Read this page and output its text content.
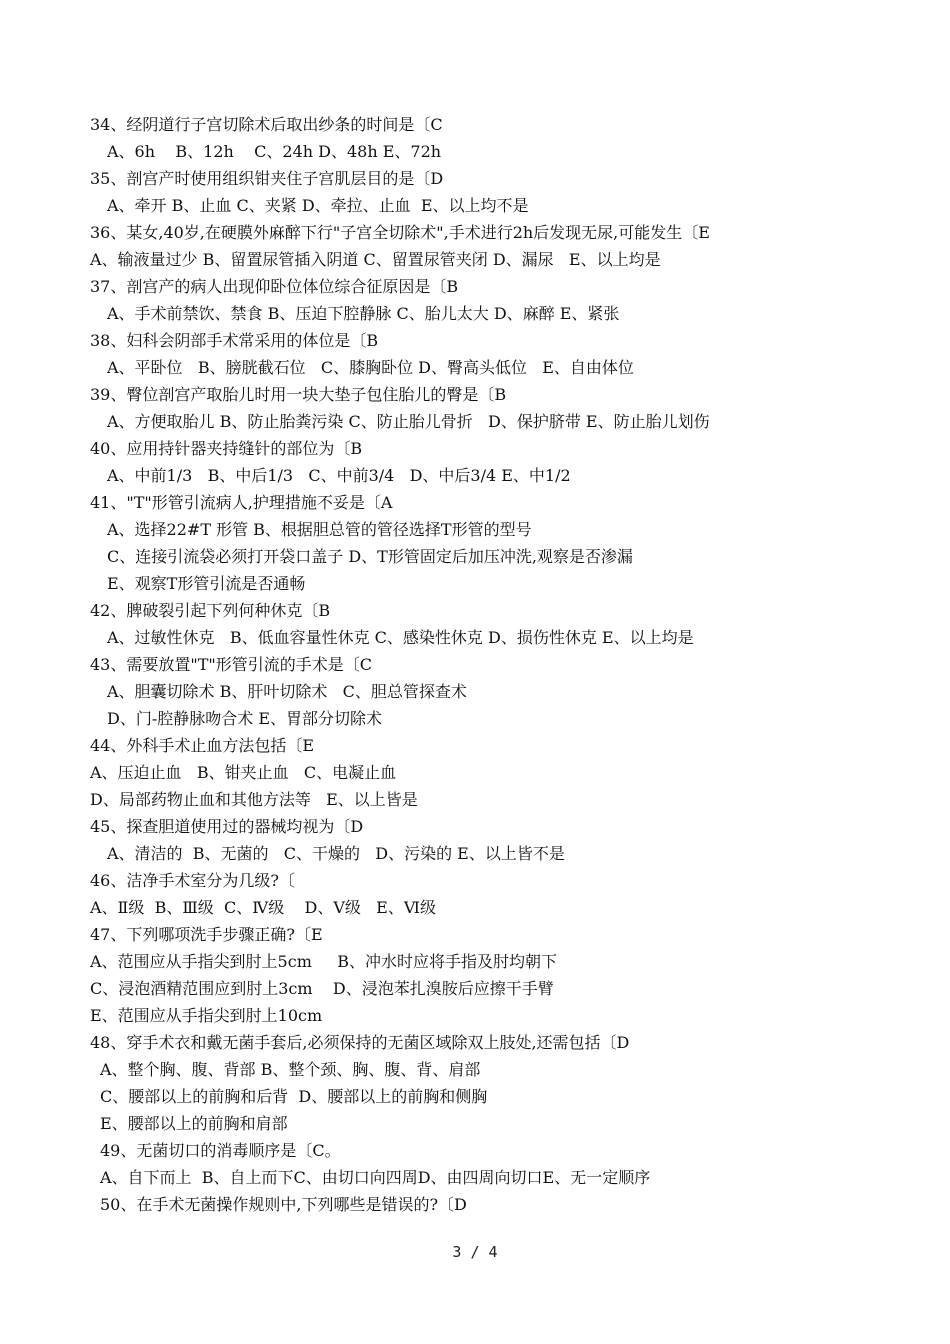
34、经阴道行子宫切除术后取出纱条的时间是〔C
A、6h    B、12h    C、24h D、48h E、72h
35、剖宫产时使用组织钳夹住子宫肌层目的是〔D
A、牵开 B、止血 C、夹紧 D、牵拉、止血  E、以上均不是
36、某女,40岁,在硬膜外麻醉下行"子宫全切除术",手术进行2h后发现无尿,可能发生〔E
A、输液量过少 B、留置尿管插入阴道 C、留置尿管夹闭 D、漏尿   E、以上均是
37、剖宫产的病人出现仰卧位体位综合征原因是〔B
A、手术前禁饮、禁食 B、压迫下腔静脉 C、胎儿太大 D、麻醉 E、紧张
38、妇科会阴部手术常采用的体位是〔B
A、平卧位   B、膀胱截石位   C、膝胸卧位 D、臀高头低位   E、自由体位
39、臀位剖宫产取胎儿时用一块大垫子包住胎儿的臀是〔B
A、方便取胎儿 B、防止胎粪污染 C、防止胎儿骨折   D、保护脐带 E、防止胎儿划伤
40、应用持针器夹持缝针的部位为〔B
A、中前1/3   B、中后1/3   C、中前3/4   D、中后3/4 E、中1/2
41、"T"形管引流病人,护理措施不妥是〔A
A、选择22#T 形管 B、根据胆总管的管径选择T形管的型号
C、连接引流袋必须打开袋口盖子 D、T形管固定后加压冲洗,观察是否渗漏
E、观察T形管引流是否通畅
42、脾破裂引起下列何种休克〔B
A、过敏性休克   B、低血容量性休克 C、感染性休克 D、损伤性休克 E、以上均是
43、需要放置"T"形管引流的手术是〔C
A、胆囊切除术 B、肝叶切除术   C、胆总管探查术
D、门-腔静脉吻合术 E、胃部分切除术
44、外科手术止血方法包括〔E
A、压迫止血   B、钳夹止血   C、电凝止血
D、局部药物止血和其他方法等   E、以上皆是
45、探查胆道使用过的器械均视为〔D
A、清洁的  B、无菌的   C、干燥的   D、污染的 E、以上皆不是
46、洁净手术室分为几级?〔
A、Ⅱ级  B、Ⅲ级  C、Ⅳ级    D、Ⅴ级   E、Ⅵ级
47、下列哪项洗手步骤正确?〔E
A、范围应从手指尖到肘上5cm     B、冲水时应将手指及肘均朝下
C、浸泡酒精范围应到肘上3cm    D、浸泡苯扎溴胺后应擦干手臂
E、范围应从手指尖到肘上10cm
48、穿手术衣和戴无菌手套后,必须保持的无菌区域除双上肢处,还需包括〔D
A、整个胸、腹、背部 B、整个颈、胸、腹、背、肩部
C、腰部以上的前胸和后背  D、腰部以上的前胸和侧胸
E、腰部以上的前胸和肩部
49、无菌切口的消毒顺序是〔C。
A、自下而上  B、自上而下C、由切口向四周D、由四周向切口E、无一定顺序
50、在手术无菌操作规则中,下列哪些是错误的?〔D
3 / 4
